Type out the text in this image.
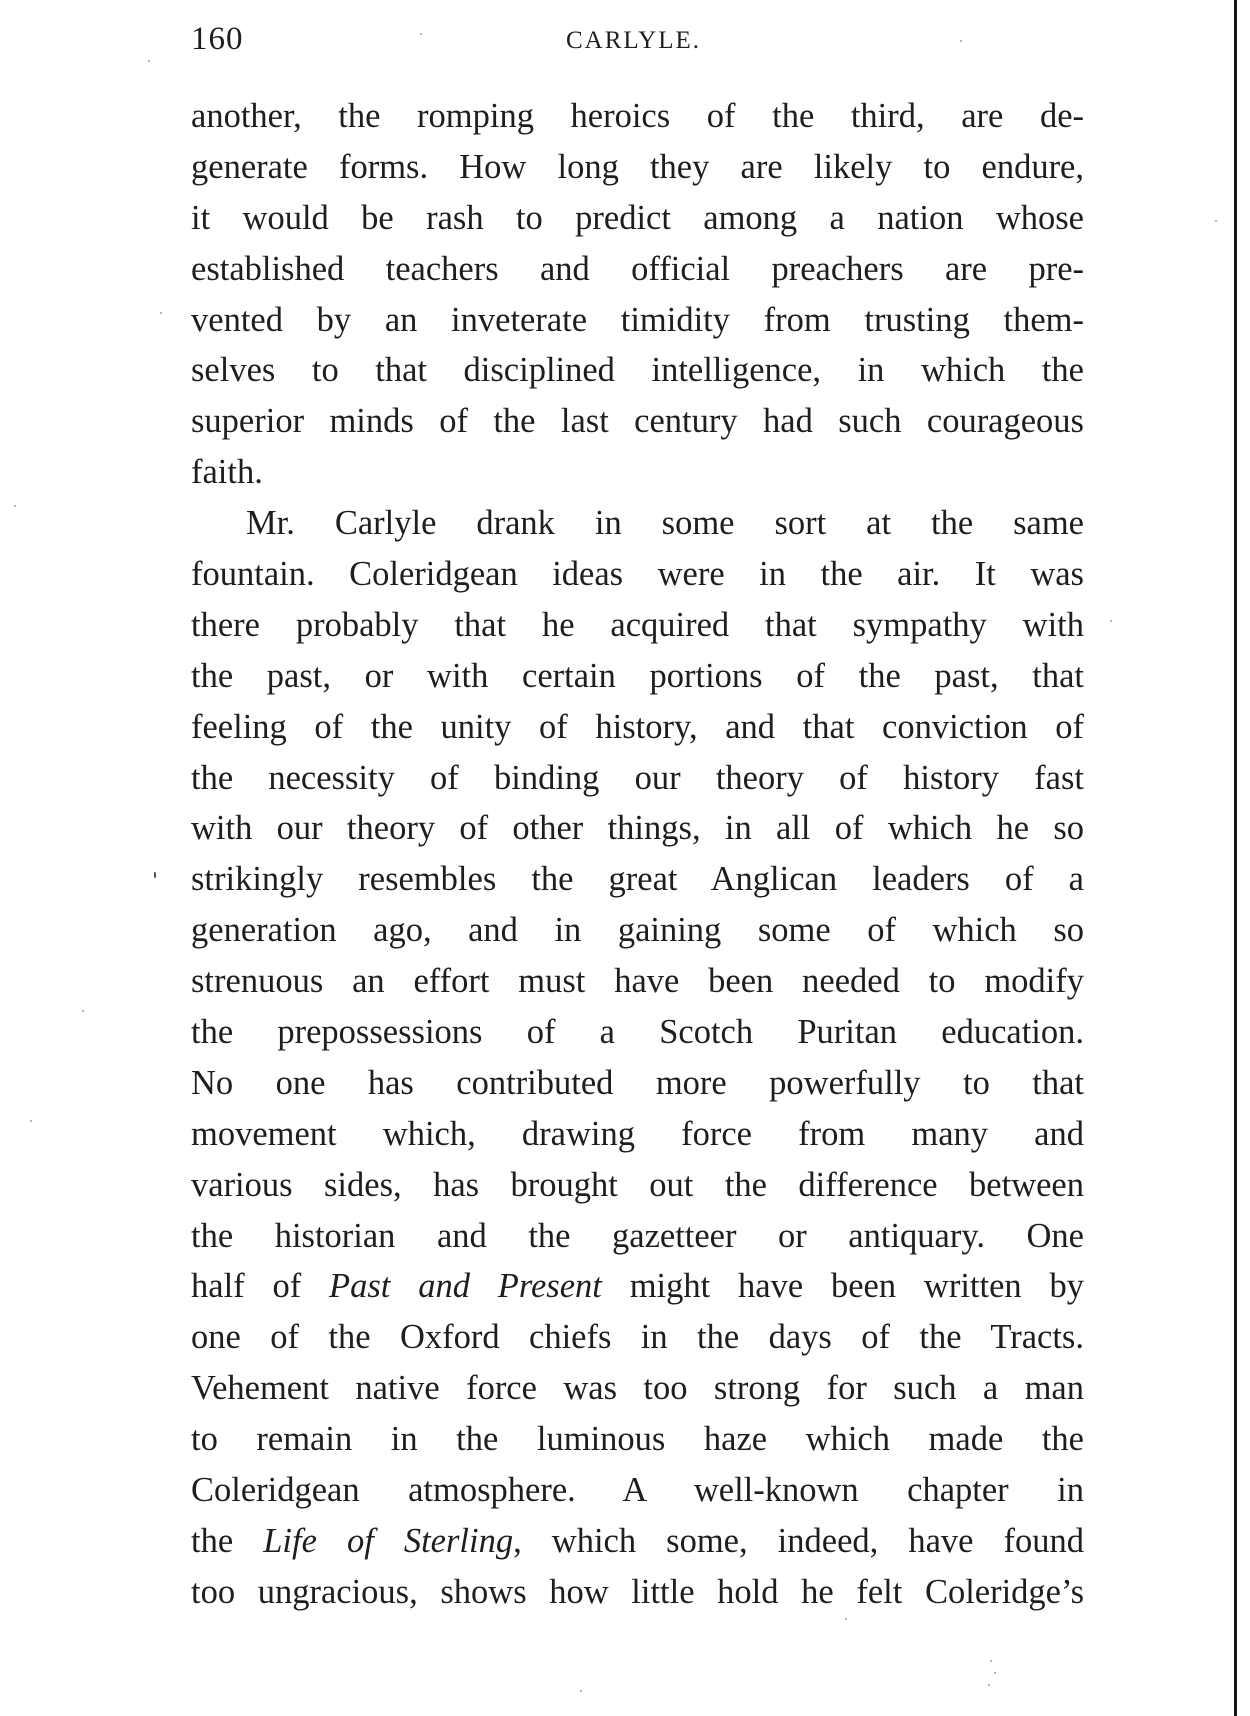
160	CARLYLE.
another, the romping heroics of the third, are de-
generate forms. How long they are likely to endure,
it would be rash to predict among a nation whose
established teachers and official preachers are pre-
vented by an inveterate timidity from trusting them-
selves to that disciplined intelligence, in which the
superior minds of the last century had such courageous
faith.
Mr. Carlyle drank in some sort at the same
fountain. Coleridgean ideas were in the air. It was
there probably that he acquired that sympathy with
the past, or with certain portions of the past, that
feeling of the unity of history, and that conviction of
the necessity of binding our theory of history fast
with our theory of other things, in all of which he so
strikingly resembles the great Anglican leaders of a
generation ago, and in gaining some of which so
strenuous an effort must have been needed to modify
the prepossessions of a Scotch Puritan education.
No one has contributed more powerfully to that
movement which, drawing force from many and
various sides, has brought out the difference between
the historian and the gazetteer or antiquary. One
half of Past and Present might have been written by
one of the Oxford chiefs in the days of the Tracts.
Vehement native force was too strong for such a man
to remain in the luminous haze which made the
Coleridgean atmosphere. A well-known chapter in
the Life of Sterling, which some, indeed, have found
too ungracious, shows how little hold he felt Coleridge’s
